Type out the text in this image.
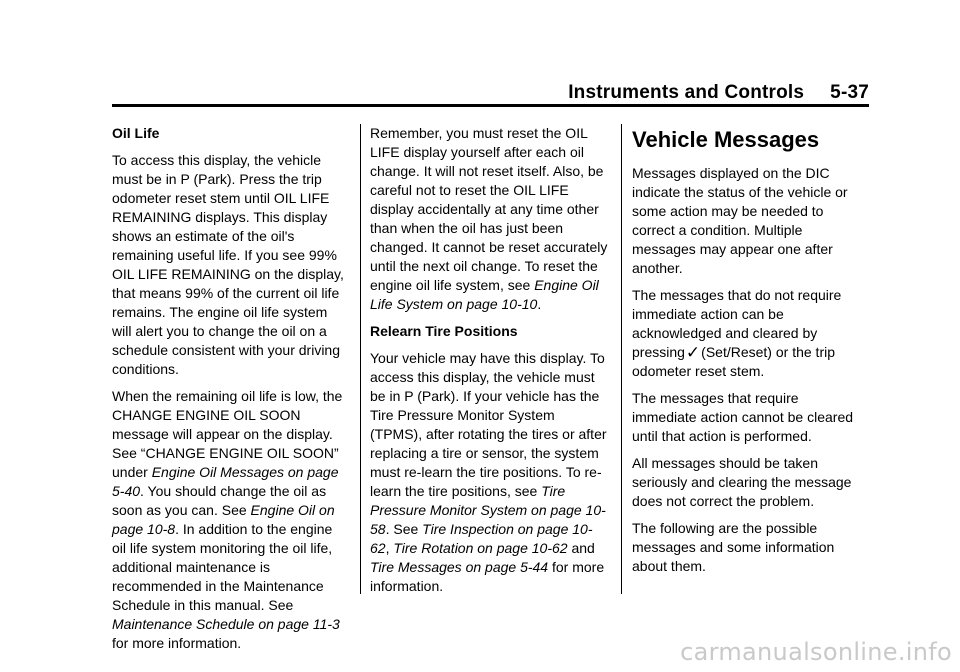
Instruments and Controls 5-37

Oil Life

To access this display, the vehicle must be in P (Park). Press the trip odometer reset stem until OIL LIFE REMAINING displays. This display shows an estimate of the oil's remaining useful life. If you see 99% OIL LIFE REMAINING on the display, that means 99% of the current oil life remains. The engine oil life system will alert you to change the oil on a schedule consistent with your driving conditions.

When the remaining oil life is low, the CHANGE ENGINE OIL SOON message will appear on the display. See “CHANGE ENGINE OIL SOON” under Engine Oil Messages on page 5-40. You should change the oil as soon as you can. See Engine Oil on page 10-8. In addition to the engine oil life system monitoring the oil life, additional maintenance is recommended in the Maintenance Schedule in this manual. See Maintenance Schedule on page 11-3 for more information.

Remember, you must reset the OIL LIFE display yourself after each oil change. It will not reset itself. Also, be careful not to reset the OIL LIFE display accidentally at any time other than when the oil has just been changed. It cannot be reset accurately until the next oil change. To reset the engine oil life system, see Engine Oil Life System on page 10-10.

Relearn Tire Positions

Your vehicle may have this display. To access this display, the vehicle must be in P (Park). If your vehicle has the Tire Pressure Monitor System (TPMS), after rotating the tires or after replacing a tire or sensor, the system must re-learn the tire positions. To re-learn the tire positions, see Tire Pressure Monitor System on page 10-58. See Tire Inspection on page 10-62, Tire Rotation on page 10-62 and Tire Messages on page 5-44 for more information.

Vehicle Messages

Messages displayed on the DIC indicate the status of the vehicle or some action may be needed to correct a condition. Multiple messages may appear one after another.

The messages that do not require immediate action can be acknowledged and cleared by pressing✓(Set/Reset) or the trip odometer reset stem.

The messages that require immediate action cannot be cleared until that action is performed.

All messages should be taken seriously and clearing the message does not correct the problem.

The following are the possible messages and some information about them.

carmanualsonline.info
